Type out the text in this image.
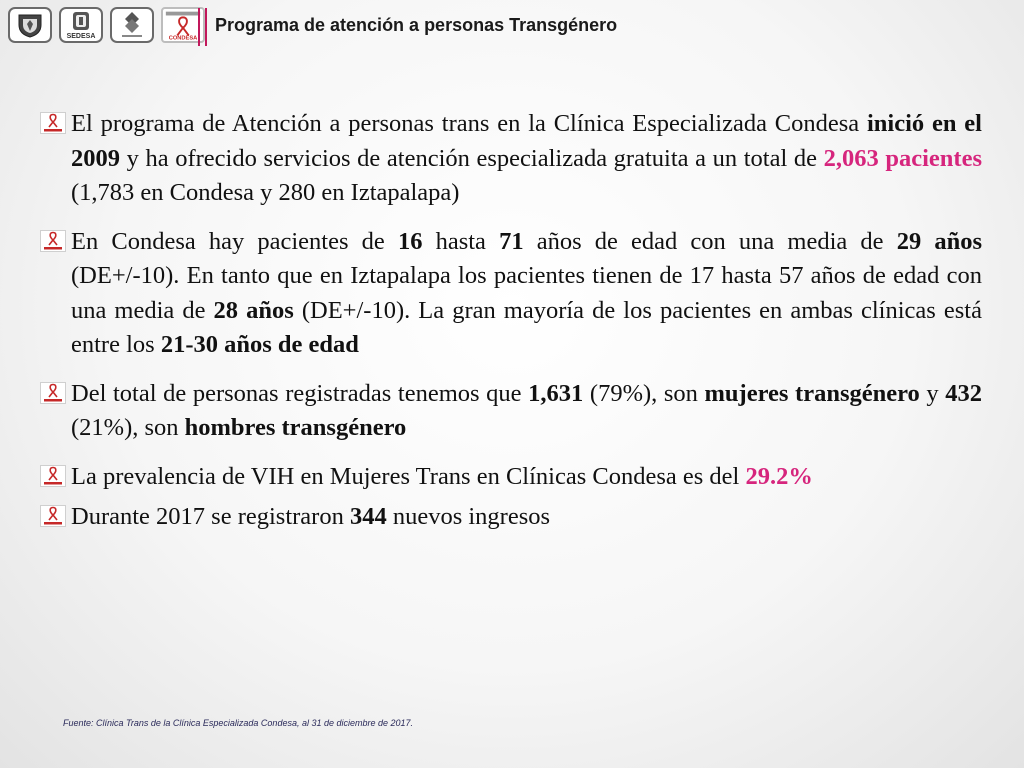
SEDESA	CONDESA
Programa de atención a personas Transgénero
El programa de Atención a personas trans en la Clínica Especializada Condesa inició en el 2009 y ha ofrecido servicios de atención especializada gratuita a un total de 2,063 pacientes (1,783 en Condesa y 280 en Iztapalapa)
En Condesa hay pacientes de 16 hasta 71 años de edad con una media de 29 años (DE+/-10). En tanto que en Iztapalapa los pacientes tienen de 17 hasta 57 años de edad con una media de 28 años (DE+/-10). La gran mayoría de los pacientes en ambas clínicas está entre los 21-30 años de edad
Del total de personas registradas tenemos que 1,631 (79%), son mujeres transgénero y 432 (21%), son hombres transgénero
La prevalencia de VIH en Mujeres Trans en Clínicas Condesa es del 29.2%
Durante 2017 se registraron 344 nuevos ingresos
Fuente: Clínica Trans de la Clínica Especializada Condesa, al 31 de diciembre de 2017.
